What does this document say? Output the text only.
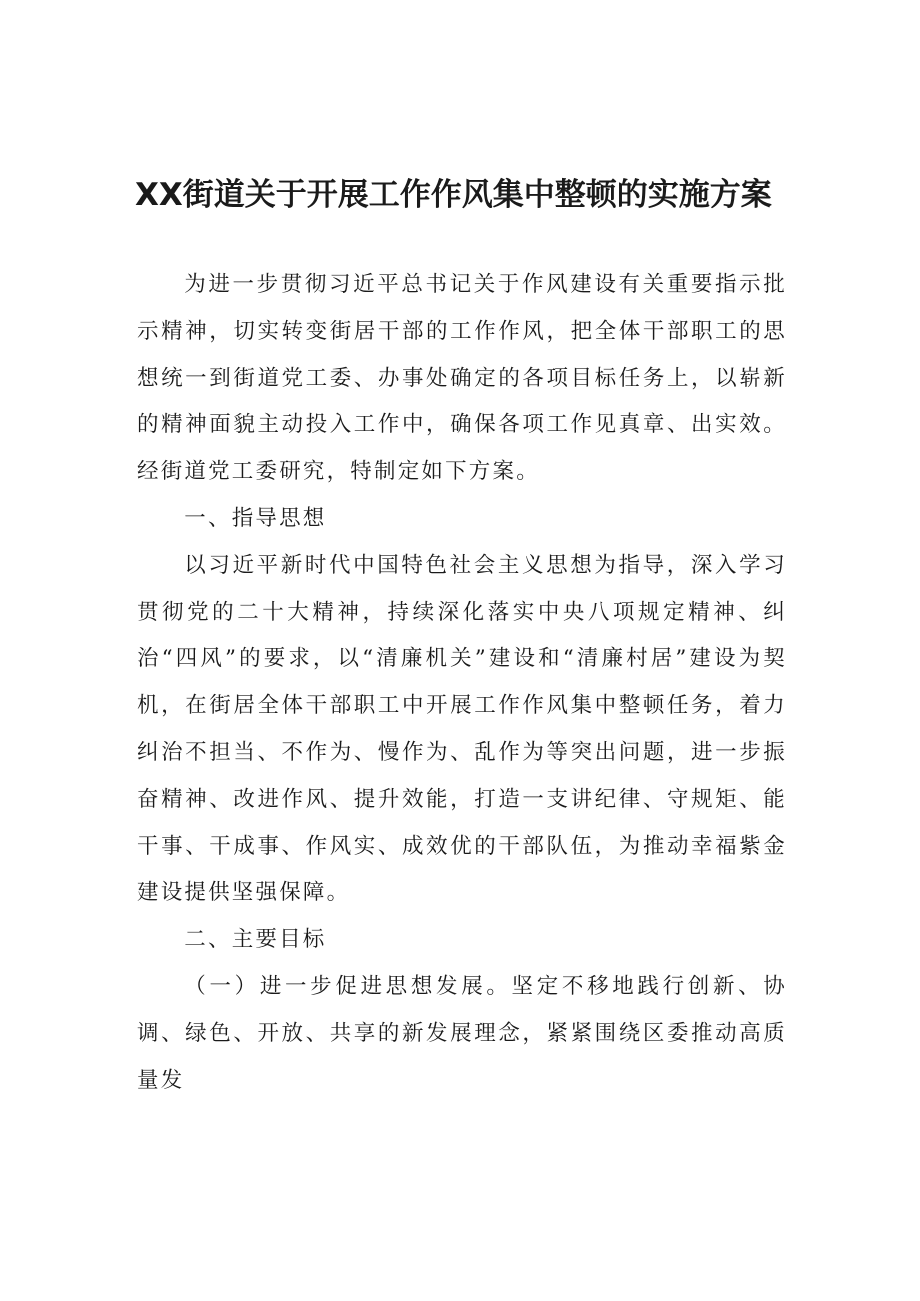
XX街道关于开展工作作风集中整顿的实施方案

为进一步贯彻习近平总书记关于作风建设有关重要指示批示精神，切实转变街居干部的工作作风，把全体干部职工的思想统一到街道党工委、办事处确定的各项目标任务上，以崭新的精神面貌主动投入工作中，确保各项工作见真章、出实效。经街道党工委研究，特制定如下方案。

一、指导思想

以习近平新时代中国特色社会主义思想为指导，深入学习贯彻党的二十大精神，持续深化落实中央八项规定精神、纠治“四风”的要求，以“清廉机关”建设和“清廉村居”建设为契机，在街居全体干部职工中开展工作作风集中整顿任务，着力纠治不担当、不作为、慢作为、乱作为等突出问题，进一步振奋精神、改进作风、提升效能，打造一支讲纪律、守规矩、能干事、干成事、作风实、成效优的干部队伍，为推动幸福紫金建设提供坚强保障。

二、主要目标

（一）进一步促进思想发展。坚定不移地践行创新、协调、绿色、开放、共享的新发展理念，紧紧围绕区委推动高质量发
